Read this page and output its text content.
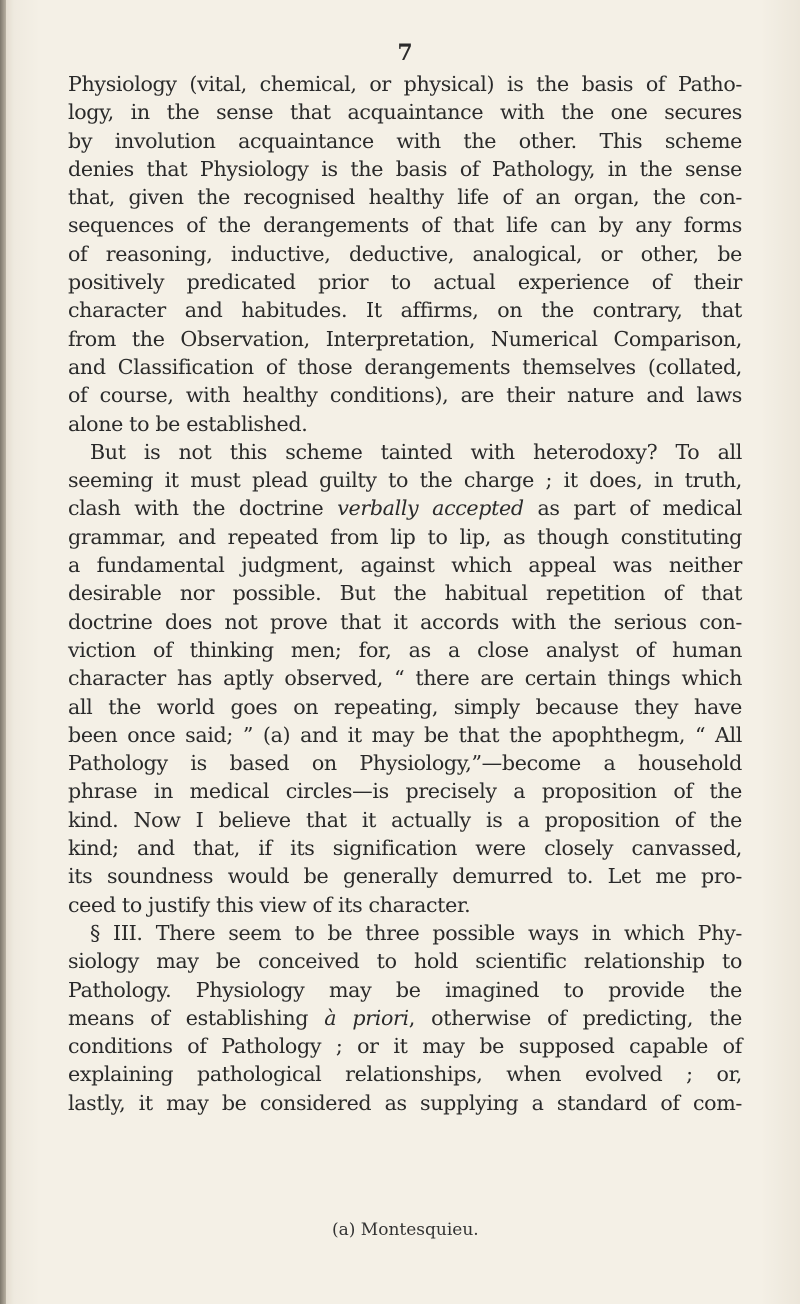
7
Physiology (vital, chemical, or physical) is the basis of Patho-
logy, in the sense that acquaintance with the one secures
by involution acquaintance with the other. This scheme
denies that Physiology is the basis of Pathology, in the sense
that, given the recognised healthy life of an organ, the con-
sequences of the derangements of that life can by any forms
of reasoning, inductive, deductive, analogical, or other, be
positively predicated prior to actual experience of their
character and habitudes. It affirms, on the contrary, that
from the Observation, Interpretation, Numerical Comparison,
and Classification of those derangements themselves (collated,
of course, with healthy conditions), are their nature and laws
alone to be established.
But is not this scheme tainted with heterodoxy? To all
seeming it must plead guilty to the charge ; it does, in truth,
clash with the doctrine verbally accepted as part of medical
grammar, and repeated from lip to lip, as though constituting
a fundamental judgment, against which appeal was neither
desirable nor possible. But the habitual repetition of that
doctrine does not prove that it accords with the serious con-
viction of thinking men; for, as a close analyst of human
character has aptly observed, “ there are certain things which
all the world goes on repeating, simply because they have
been once said; ” (a) and it may be that the apophthegm, “ All
Pathology is based on Physiology,”—become a household
phrase in medical circles—is precisely a proposition of the
kind. Now I believe that it actually is a proposition of the
kind; and that, if its signification were closely canvassed,
its soundness would be generally demurred to. Let me pro-
ceed to justify this view of its character.
§ III. There seem to be three possible ways in which Phy-
siology may be conceived to hold scientific relationship to
Pathology. Physiology may be imagined to provide the
means of establishing à priori, otherwise of predicting, the
conditions of Pathology ; or it may be supposed capable of
explaining pathological relationships, when evolved ; or,
lastly, it may be considered as supplying a standard of com-
(a) Montesquieu.
